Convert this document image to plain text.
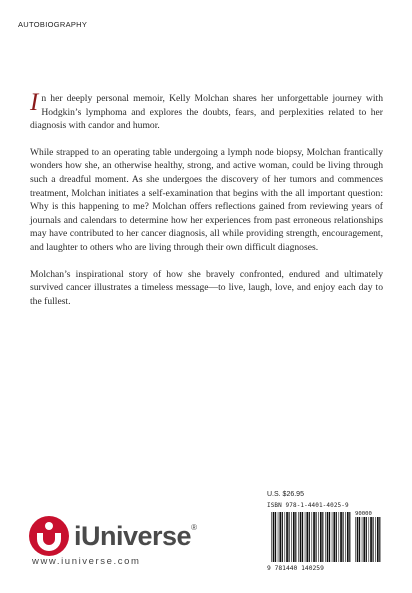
AUTOBIOGRAPHY

In her deeply personal memoir, Kelly Molchan shares her unforgettable journey with Hodgkin’s lymphoma and explores the doubts, fears, and perplexities related to her diagnosis with candor and humor.

While strapped to an operating table undergoing a lymph node biopsy, Molchan frantically wonders how she, an otherwise healthy, strong, and active woman, could be living through such a dreadful moment. As she undergoes the discovery of her tumors and commences treatment, Molchan initiates a self-examination that begins with the all important question: Why is this happening to me? Molchan offers reflections gained from reviewing years of journals and calendars to determine how her experiences from past erroneous relationships may have contributed to her cancer diagnosis, all while providing strength, encouragement, and laughter to others who are living through their own difficult diagnoses.

Molchan’s inspirational story of how she bravely confronted, endured and ultimately survived cancer illustrates a timeless message—to live, laugh, love, and enjoy each day to the fullest.

iUniverse®
www.iuniverse.com
U.S. $26.95
ISBN 978-1-4401-4025-9
9 781440 140259
90000
